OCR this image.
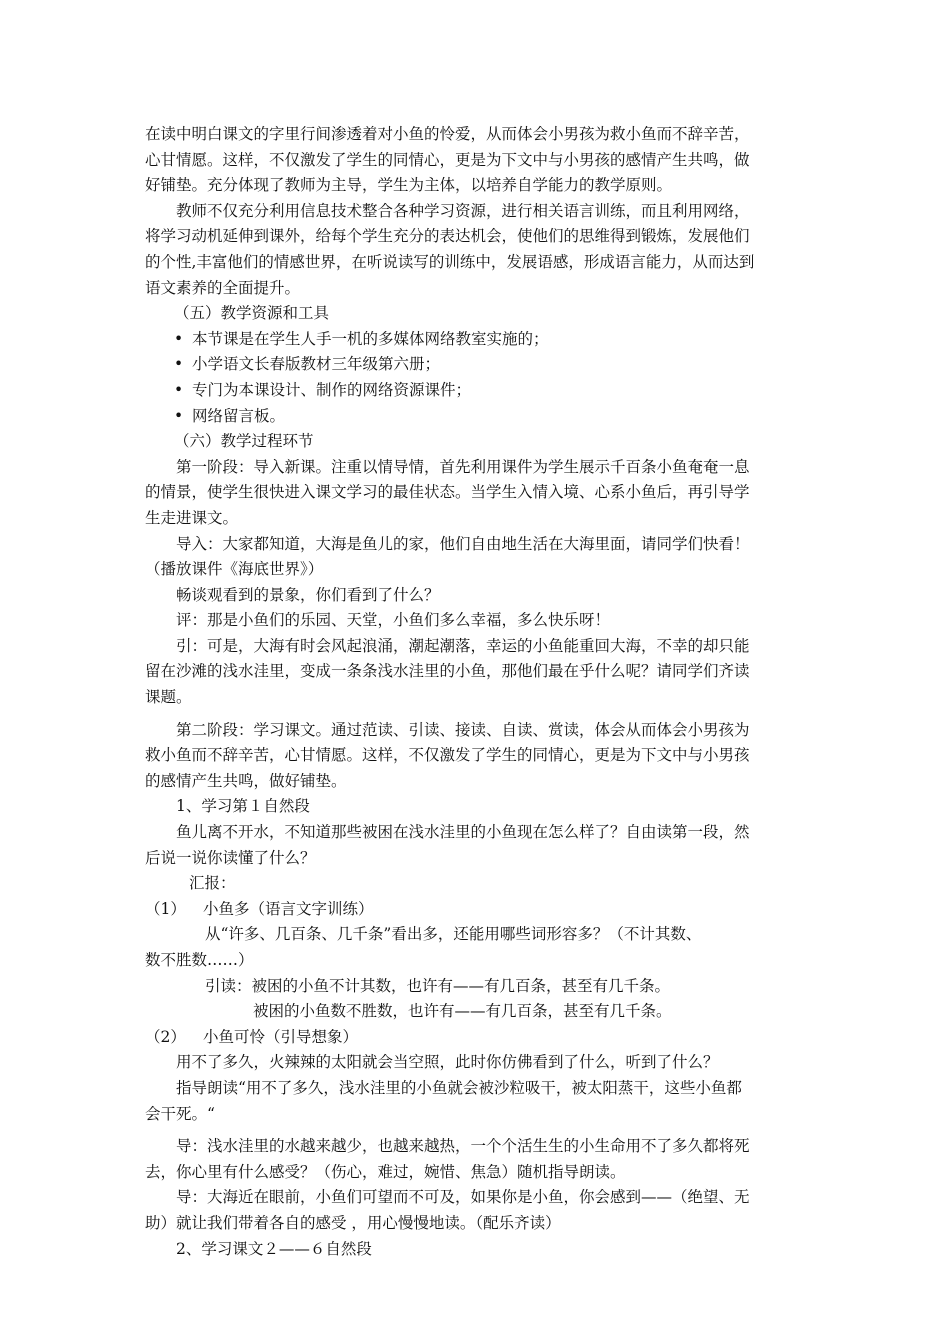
在读中明白课文的字里行间渗透着对小鱼的怜爱，从而体会小男孩为救小鱼而不辞辛苦，

心甘情愿。这样，不仅激发了学生的同情心，更是为下文中与小男孩的感情产生共鸣，做

好铺垫。充分体现了教师为主导，学生为主体，以培养自学能力的教学原则。

教师不仅充分利用信息技术整合各种学习资源，进行相关语言训练，而且利用网络，

将学习动机延伸到课外，给每个学生充分的表达机会，使他们的思维得到锻炼，发展他们

的个性,丰富他们的情感世界，在听说读写的训练中，发展语感，形成语言能力，从而达到

语文素养的全面提升。

（五）教学资源和工具

• 本节课是在学生人手一机的多媒体网络教室实施的；

• 小学语文长春版教材三年级第六册；

• 专门为本课设计、制作的网络资源课件；

• 网络留言板。

（六）教学过程环节

第一阶段：导入新课。注重以情导情，首先利用课件为学生展示千百条小鱼奄奄一息

的情景，使学生很快进入课文学习的最佳状态。当学生入情入境、心系小鱼后，再引导学

生走进课文。

导入：大家都知道，大海是鱼儿的家，他们自由地生活在大海里面，请同学们快看！

（播放课件《海底世界》）

畅谈观看到的景象，你们看到了什么？

评：那是小鱼们的乐园、天堂，小鱼们多么幸福，多么快乐呀！

引：可是，大海有时会风起浪涌，潮起潮落，幸运的小鱼能重回大海，不幸的却只能

留在沙滩的浅水洼里，变成一条条浅水洼里的小鱼，那他们最在乎什么呢？请同学们齐读

课题。

第二阶段：学习课文。通过范读、引读、接读、自读、赏读，体会从而体会小男孩为

救小鱼而不辞辛苦，心甘情愿。这样，不仅激发了学生的同情心，更是为下文中与小男孩

的感情产生共鸣，做好铺垫。

1、学习第１自然段

鱼儿离不开水，不知道那些被困在浅水洼里的小鱼现在怎么样了？自由读第一段，然

后说一说你读懂了什么？

汇报：

（1） 小鱼多（语言文字训练）

从“许多、几百条、几千条”看出多，还能用哪些词形容多？（不计其数、

数不胜数……）

引读：被困的小鱼不计其数，也许有——有几百条，甚至有几千条。

被困的小鱼数不胜数，也许有——有几百条，甚至有几千条。

（2） 小鱼可怜（引导想象）

用不了多久，火辣辣的太阳就会当空照，此时你仿佛看到了什么，听到了什么？

指导朗读“用不了多久，浅水洼里的小鱼就会被沙粒吸干，被太阳蒸干，这些小鱼都

会干死。“

导：浅水洼里的水越来越少，也越来越热，一个个活生生的小生命用不了多久都将死

去，你心里有什么感受？（伤心，难过，婉惜、焦急）随机指导朗读。

导：大海近在眼前，小鱼们可望而不可及，如果你是小鱼，你会感到——（绝望、无

助）就让我们带着各自的感受 ，用心慢慢地读。（配乐齐读）

2、学习课文２——６自然段
